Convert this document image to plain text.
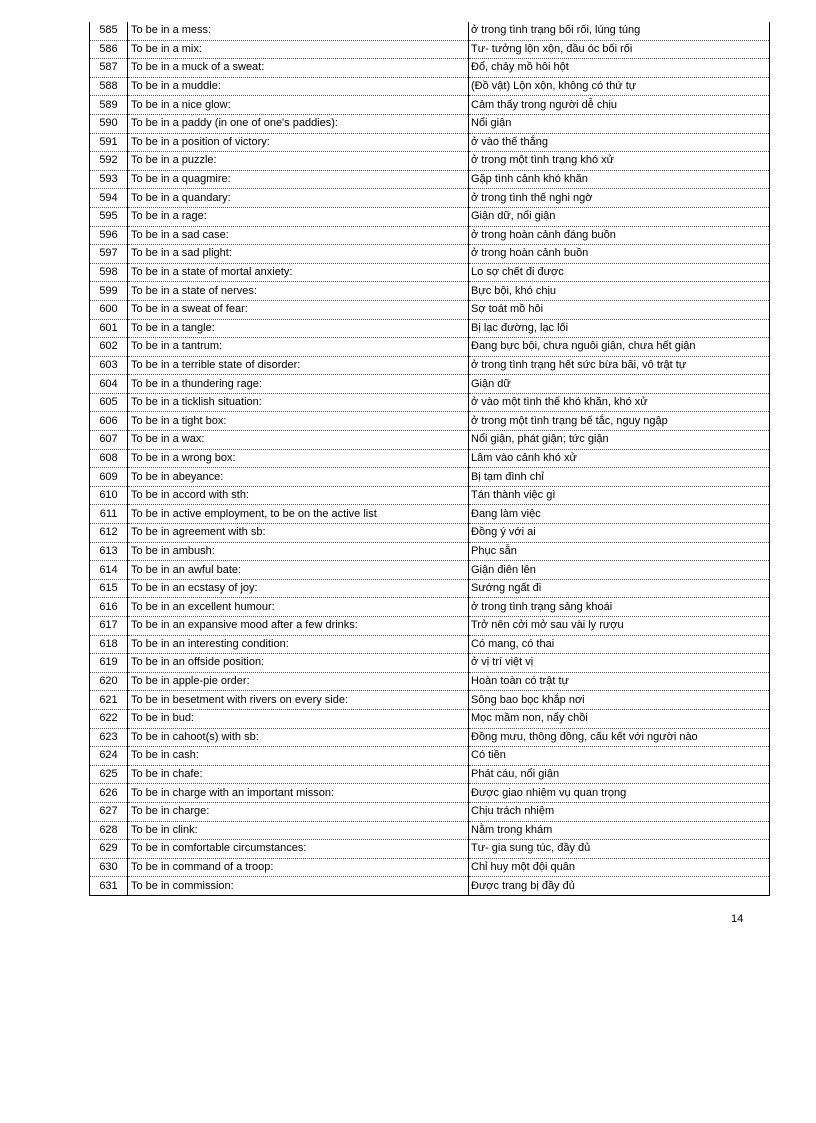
585	To be in a mess:	ở trong tình trạng bối rối, lúng túng
586	To be in a mix:	Tư- tưởng lộn xộn, đầu óc bối rối
587	To be in a muck of a sweat:	Đổ, chảy mồ hôi hột
588	To be in a muddle:	(Đồ vật) Lộn xộn, không có thứ tự
589	To be in a nice glow:	Cảm thấy trong người dễ chịu
590	To be in a paddy (in one of one's paddies):	Nổi giận
591	To be in a position of victory:	ở vào thế thắng
592	To be in a puzzle:	ở trong một tình trạng khó xử
593	To be in a quagmire:	Gặp tình cảnh khó khăn
594	To be in a quandary:	ở trong tình thế nghi ngờ
595	To be in a rage:	Giận dữ, nổi giận
596	To be in a sad case:	ở trong hoàn cảnh đáng buồn
597	To be in a sad plight:	ở trong hoàn cảnh buồn
598	To be in a state of mortal anxiety:	Lo sợ chết đi được
599	To be in a state of nerves:	Bực bội, khó chịu
600	To be in a sweat of fear:	Sợ toát mồ hôi
601	To be in a tangle:	Bị lạc đường, lạc lối
602	To be in a tantrum:	Đang bực bội, chưa nguôi giận, chưa hết giận
603	To be in a terrible state of disorder:	ở trong tình trạng hết sức bừa bãi, vô trật tự
604	To be in a thundering rage:	Giận dữ
605	To be in a ticklish situation:	ở vào một tình thế khó khăn, khó xử
606	To be in a tight box:	ở trong một tình trạng bế tắc, nguy ngập
607	To be in a wax:	Nổi giận, phát giận; tức giận
608	To be in a wrong box:	Lâm vào cảnh khó xử
609	To be in abeyance:	Bị tạm đình chỉ
610	To be in accord with sth:	Tán thành việc gì
611	To be in active employment, to be on the active list	Đang làm việc
612	To be in agreement with sb:	Đồng ý với ai
613	To be in ambush:	Phục sẵn
614	To be in an awful bate:	Giận điên lên
615	To be in an ecstasy of joy:	Sướng ngất đi
616	To be in an excellent humour:	ở trong tình trạng sảng khoái
617	To be in an expansive mood after a few drinks:	Trở nên cởi mở sau vài ly rượu
618	To be in an interesting condition:	Có mang, có thai
619	To be in an offside position:	ở vị trí việt vị
620	To be in apple-pie order:	Hoàn toàn có trật tự
621	To be in besetment with rivers on every side:	Sông bao bọc khắp nơi
622	To be in bud:	Mọc mầm non, nẩy chồi
623	To be in cahoot(s) with sb:	Đồng mưu, thông đồng, cấu kết với người nào
624	To be in cash:	Có tiền
625	To be in chafe:	Phát cáu, nổi giận
626	To be in charge with an important misson:	Được giao nhiệm vụ quan trọng
627	To be in charge:	Chịu trách nhiệm
628	To be in clink:	Nằm trong khám
629	To be in comfortable circumstances:	Tư- gia sung túc, đầy đủ
630	To be in command of a troop:	Chỉ huy một đội quân
631	To be in commission:	Được trang bị đầy đủ
14
